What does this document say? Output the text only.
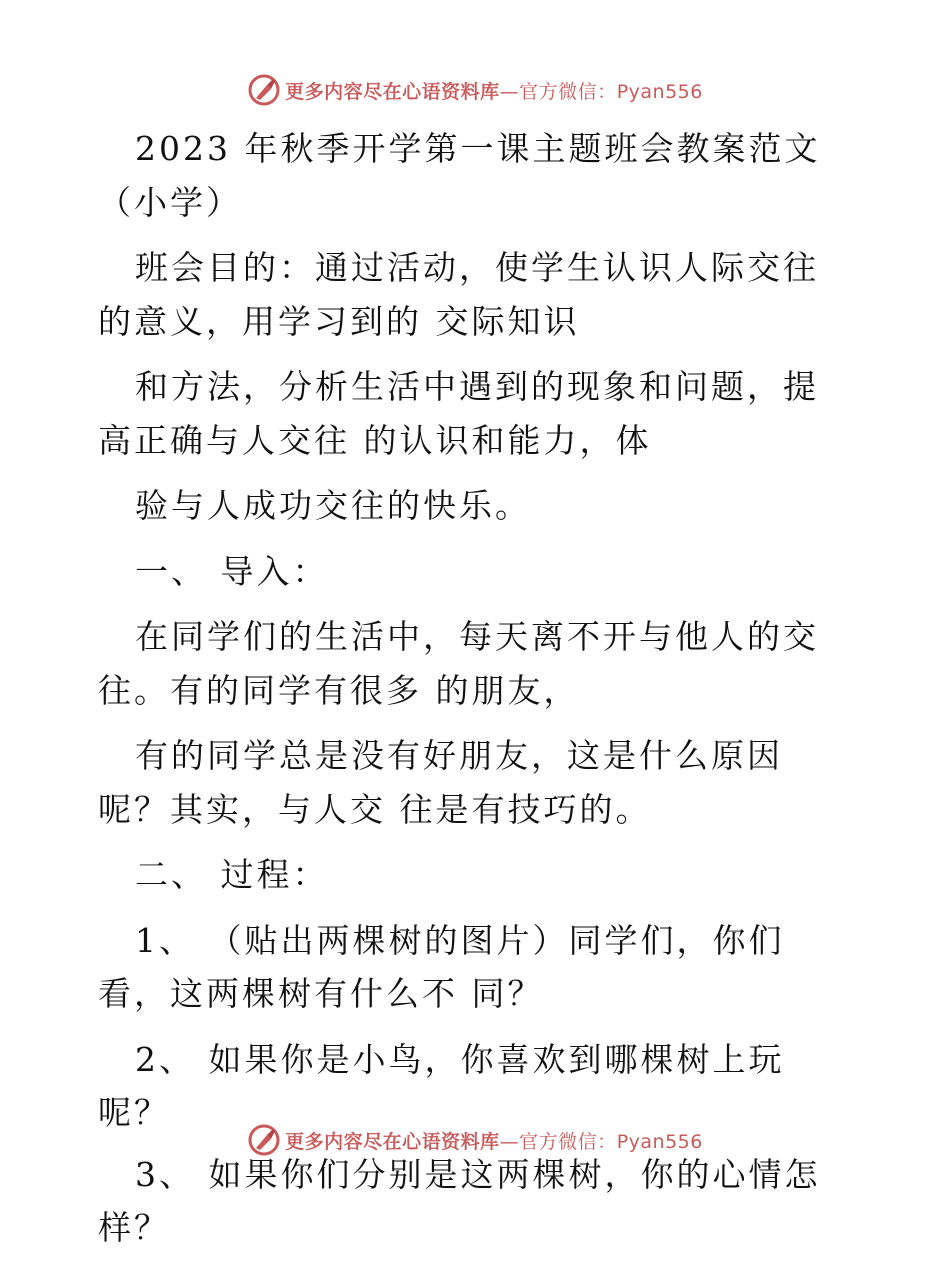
更多内容尽在心语资料库—官方微信：Pyan556

2023 年秋季开学第一课主题班会教案范文（小学）

班会目的：通过活动，使学生认识人际交往的意义，用学习到的 交际知识

和方法，分析生活中遇到的现象和问题，提高正确与人交往 的认识和能力，体

验与人成功交往的快乐。

一、 导入：

在同学们的生活中，每天离不开与他人的交往。有的同学有很多 的朋友，

有的同学总是没有好朋友，这是什么原因呢？其实，与人交 往是有技巧的。

二、 过程：

1、 （贴出两棵树的图片）同学们，你们看，这两棵树有什么不 同？

2、 如果你是小鸟，你喜欢到哪棵树上玩呢？

3、 如果你们分别是这两棵树，你的心情怎样？

更多内容尽在心语资料库—官方微信：Pyan556
